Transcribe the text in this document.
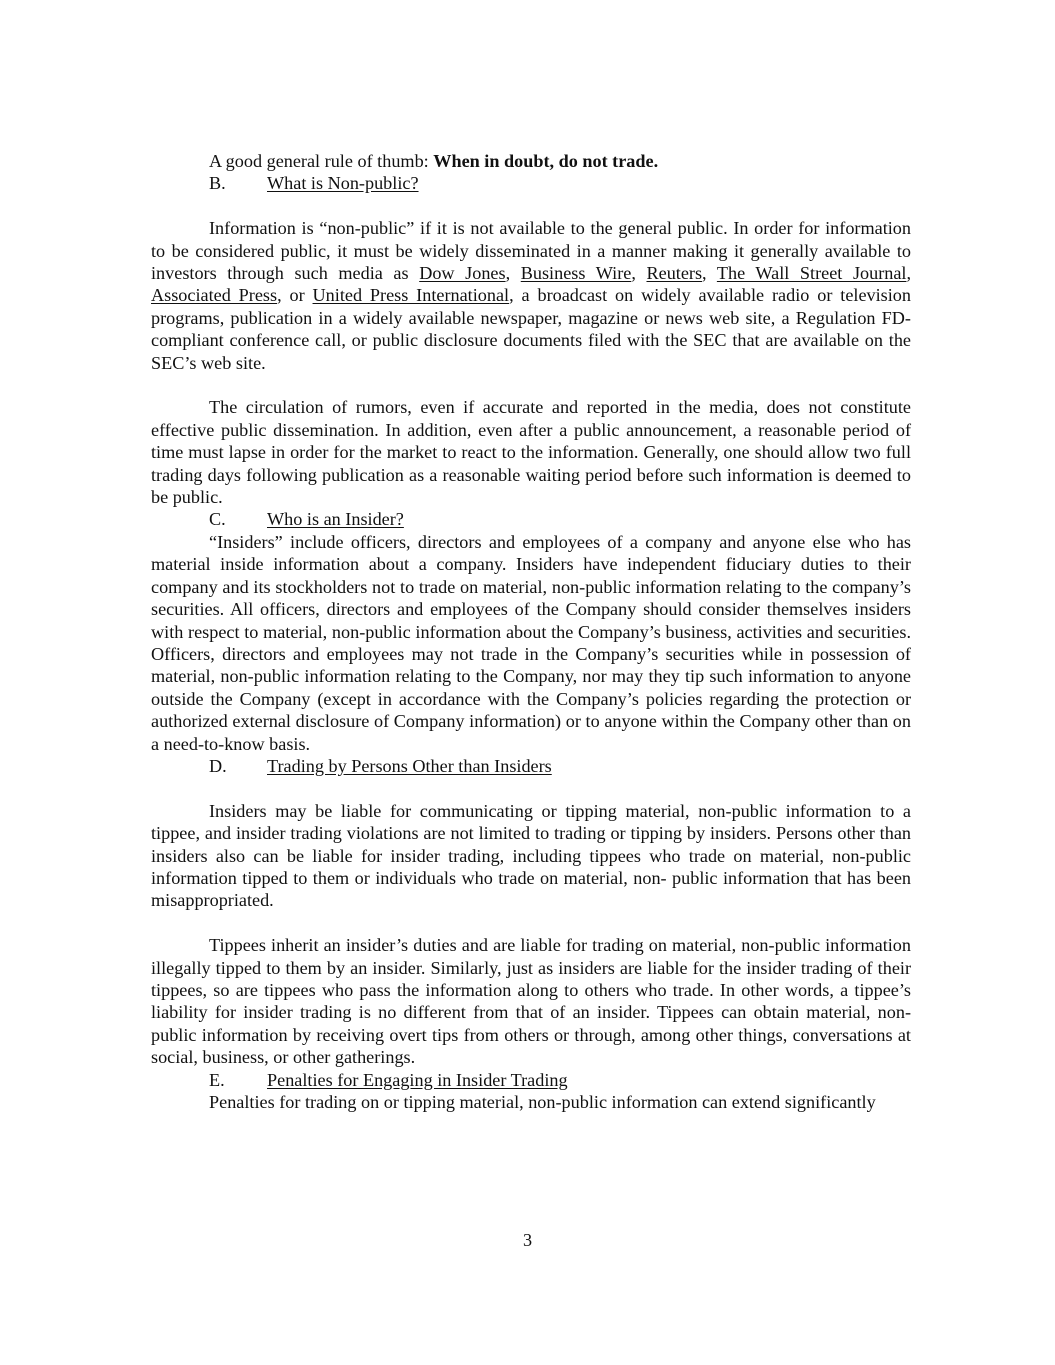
A good general rule of thumb: When in doubt, do not trade.

B. What is Non-public?

Information is “non-public” if it is not available to the general public. In order for information to be considered public, it must be widely disseminated in a manner making it generally available to investors through such media as Dow Jones, Business Wire, Reuters, The Wall Street Journal, Associated Press, or United Press International, a broadcast on widely available radio or television programs, publication in a widely available newspaper, magazine or news web site, a Regulation FD-compliant conference call, or public disclosure documents filed with the SEC that are available on the SEC’s web site.

The circulation of rumors, even if accurate and reported in the media, does not constitute effective public dissemination. In addition, even after a public announcement, a reasonable period of time must lapse in order for the market to react to the information. Generally, one should allow two full trading days following publication as a reasonable waiting period before such information is deemed to be public.

C. Who is an Insider?

“Insiders” include officers, directors and employees of a company and anyone else who has material inside information about a company. Insiders have independent fiduciary duties to their company and its stockholders not to trade on material, non-public information relating to the company’s securities. All officers, directors and employees of the Company should consider themselves insiders with respect to material, non-public information about the Company’s business, activities and securities. Officers, directors and employees may not trade in the Company’s securities while in possession of material, non-public information relating to the Company, nor may they tip such information to anyone outside the Company (except in accordance with the Company’s policies regarding the protection or authorized external disclosure of Company information) or to anyone within the Company other than on a need-to-know basis.

D. Trading by Persons Other than Insiders

Insiders may be liable for communicating or tipping material, non-public information to a tippee, and insider trading violations are not limited to trading or tipping by insiders. Persons other than insiders also can be liable for insider trading, including tippees who trade on material, non-public information tipped to them or individuals who trade on material, non- public information that has been misappropriated.

Tippees inherit an insider’s duties and are liable for trading on material, non-public information illegally tipped to them by an insider. Similarly, just as insiders are liable for the insider trading of their tippees, so are tippees who pass the information along to others who trade. In other words, a tippee’s liability for insider trading is no different from that of an insider. Tippees can obtain material, non-public information by receiving overt tips from others or through, among other things, conversations at social, business, or other gatherings.

E. Penalties for Engaging in Insider Trading

Penalties for trading on or tipping material, non-public information can extend significantly

3
